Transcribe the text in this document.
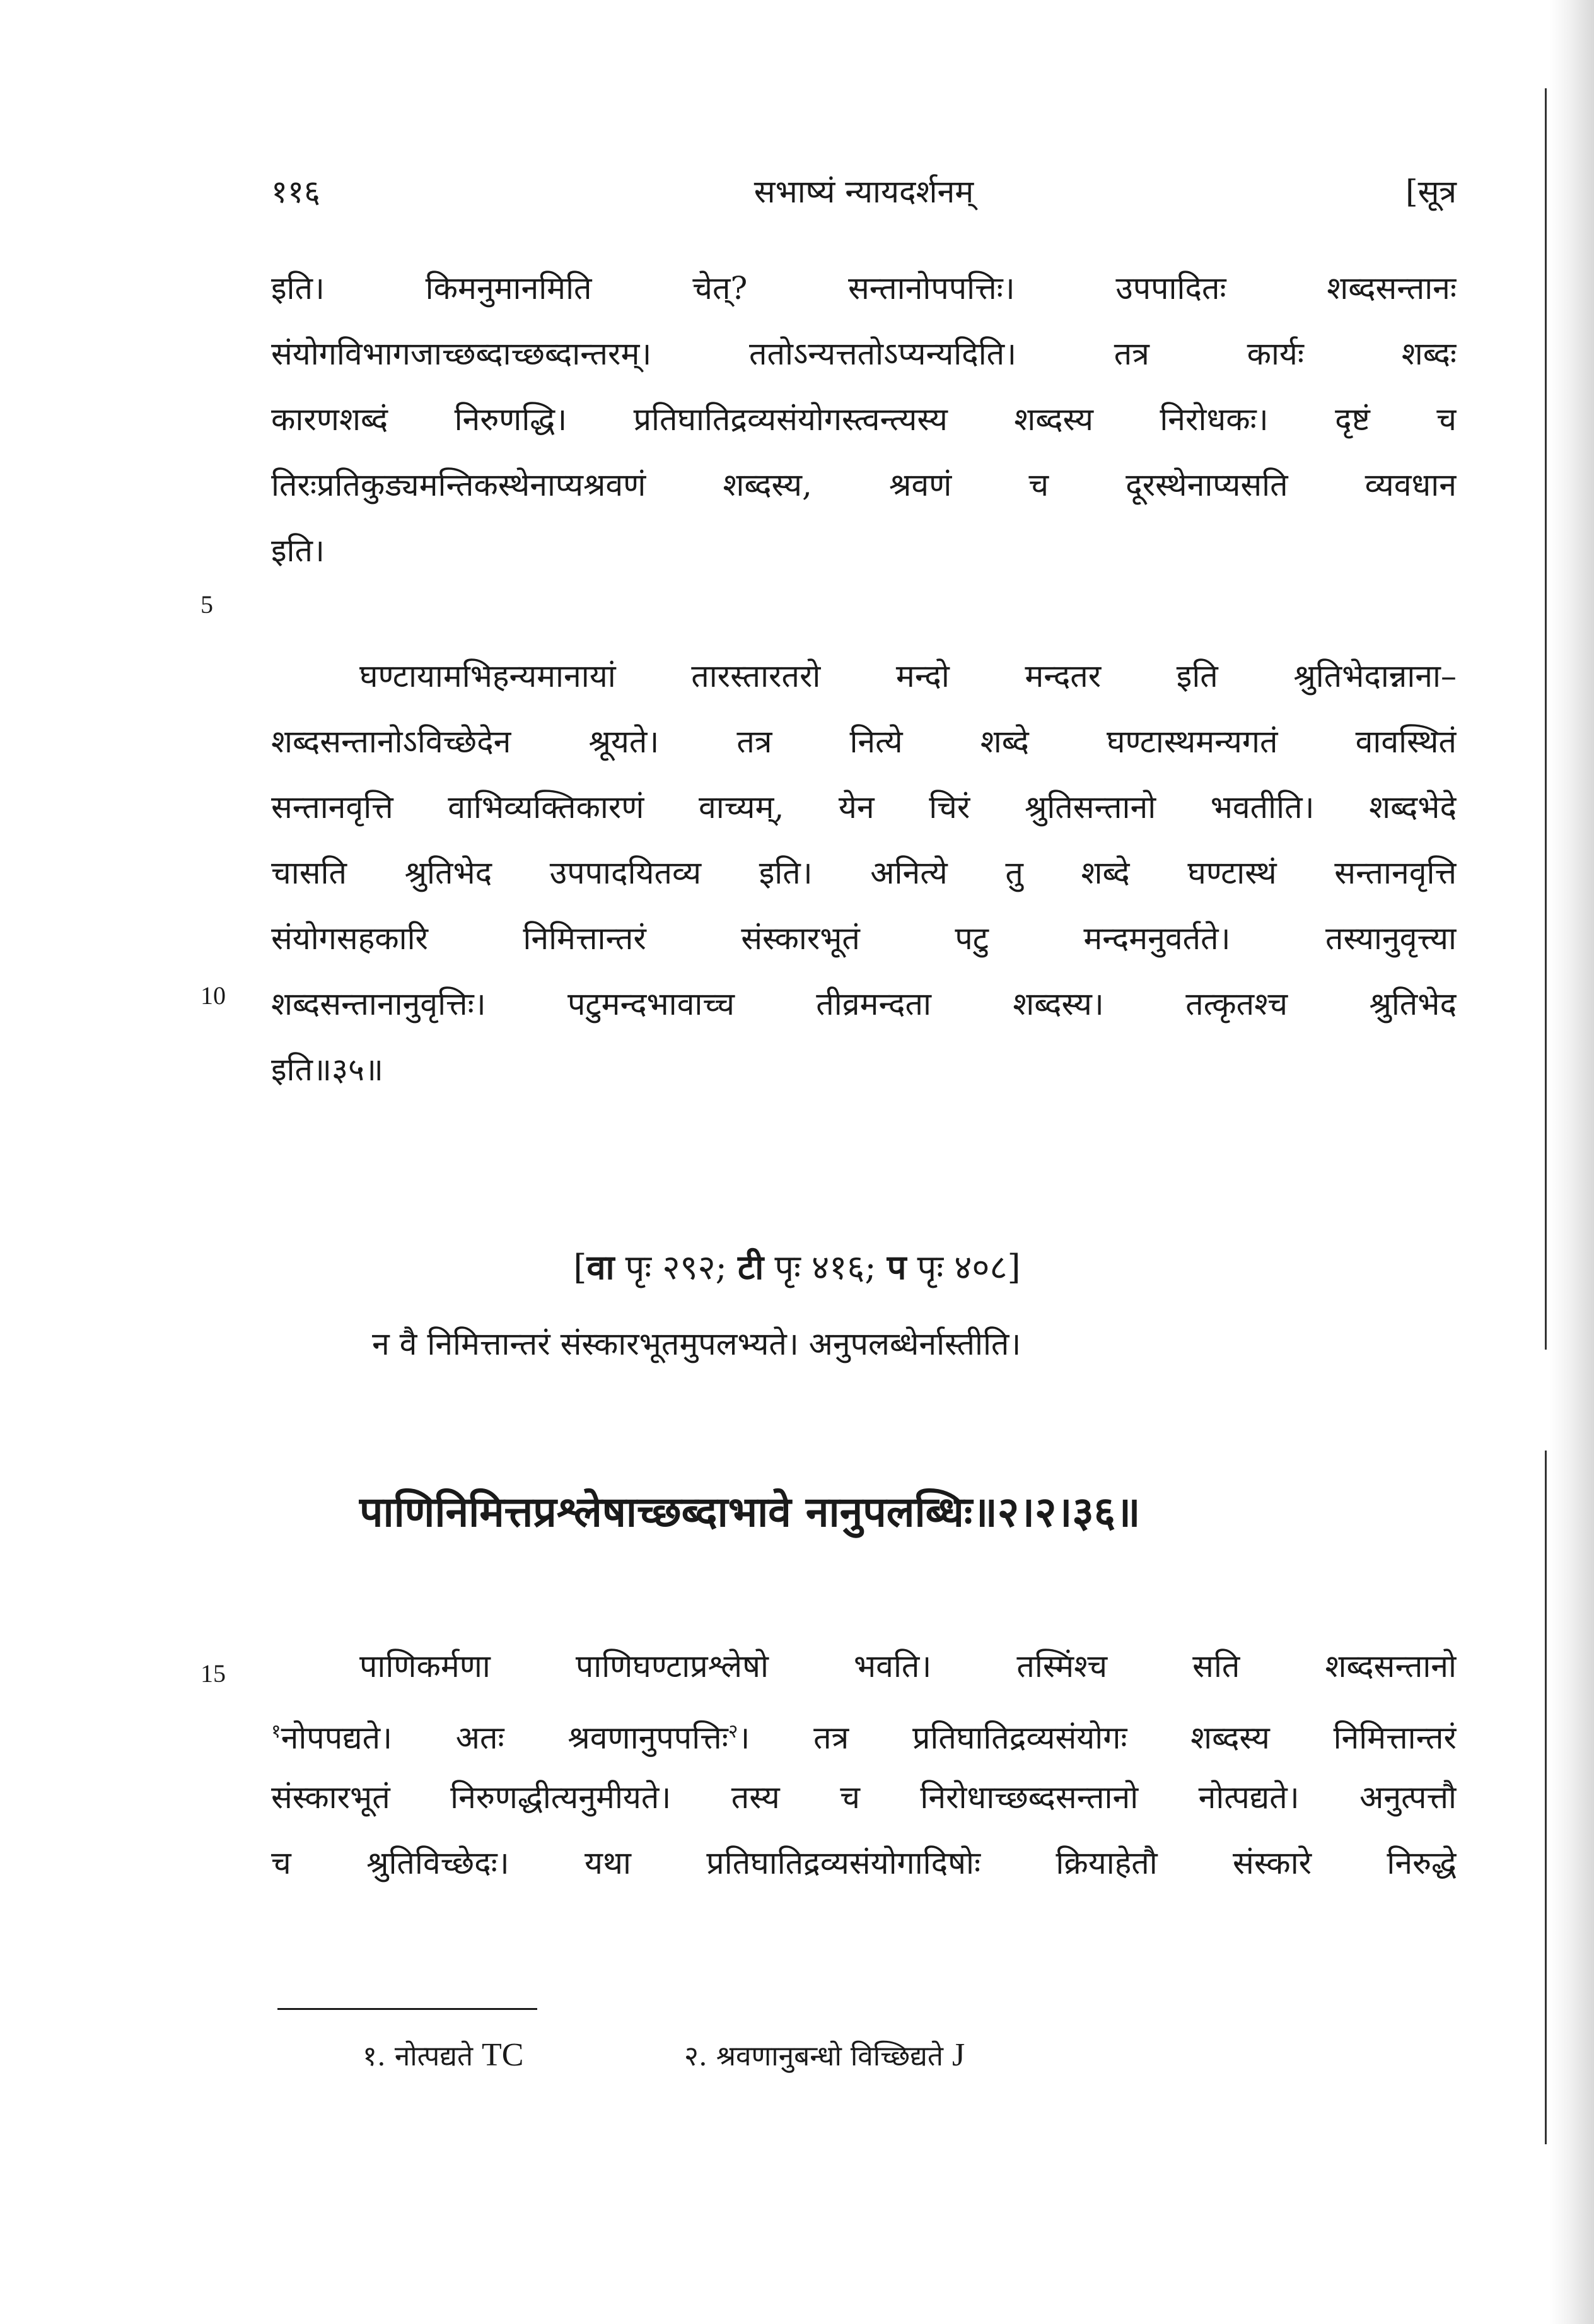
११६	सभाष्यं न्यायदर्शनम्	[सूत्र
इति। किमनुमानमिति चेत्? सन्तानोपपत्तिः। उपपादितः शब्दसन्तानः
संयोगविभागजाच्छब्दाच्छब्दान्तरम्। ततोऽन्यत्ततोऽप्यन्यदिति। तत्र कार्यः शब्दः
कारणशब्दं निरुणद्धि। प्रतिघातिद्रव्यसंयोगस्त्वन्त्यस्य शब्दस्य निरोधकः। दृष्टं च
तिरःप्रतिकुड्यमन्तिकस्थेनाप्यश्रवणं शब्दस्य, श्रवणं च दूरस्थेनाप्यसति व्यवधान
इति।
5
घण्टायामभिहन्यमानायां तारस्तारतरो मन्दो मन्दतर इति श्रुतिभेदान्नाना–
शब्दसन्तानोऽविच्छेदेन श्रूयते। तत्र नित्ये शब्दे घण्टास्थमन्यगतं वावस्थितं
सन्तानवृत्ति वाभिव्यक्तिकारणं वाच्यम्, येन चिरं श्रुतिसन्तानो भवतीति। शब्दभेदे
चासति श्रुतिभेद उपपादयितव्य इति। अनित्ये तु शब्दे घण्टास्थं सन्तानवृत्ति
संयोगसहकारि निमित्तान्तरं संस्कारभूतं पटु मन्दमनुवर्तते। तस्यानुवृत्त्या
शब्दसन्तानानुवृत्तिः। पटुमन्दभावाच्च तीव्रमन्दता शब्दस्य। तत्कृतश्च श्रुतिभेद
इति॥३५॥
10
[वा पृः २९२; टी पृः ४१६; प पृः ४०८]
न वै निमित्तान्तरं संस्कारभूतमुपलभ्यते। अनुपलब्धेर्नास्तीति।
पाणिनिमित्तप्रश्लेषाच्छब्दाभावे नानुपलब्धिः॥२।२।३६॥
पाणिकर्मणा पाणिघण्टाप्रश्लेषो भवति। तस्मिंश्च सति शब्दसन्तानो
$^१$नोपपद्यते। अतः श्रवणानुपपत्तिः$^२$। तत्र प्रतिघातिद्रव्यसंयोगः शब्दस्य निमित्तान्तरं
संस्कारभूतं निरुणद्धीत्यनुमीयते। तस्य च निरोधाच्छब्दसन्तानो नोत्पद्यते। अनुत्पत्तौ
च श्रुतिविच्छेदः। यथा प्रतिघातिद्रव्यसंयोगादिषोः क्रियाहेतौ संस्कारे निरुद्धे
15
१. नोत्पद्यते TC	२. श्रवणानुबन्धो विच्छिद्यते J
